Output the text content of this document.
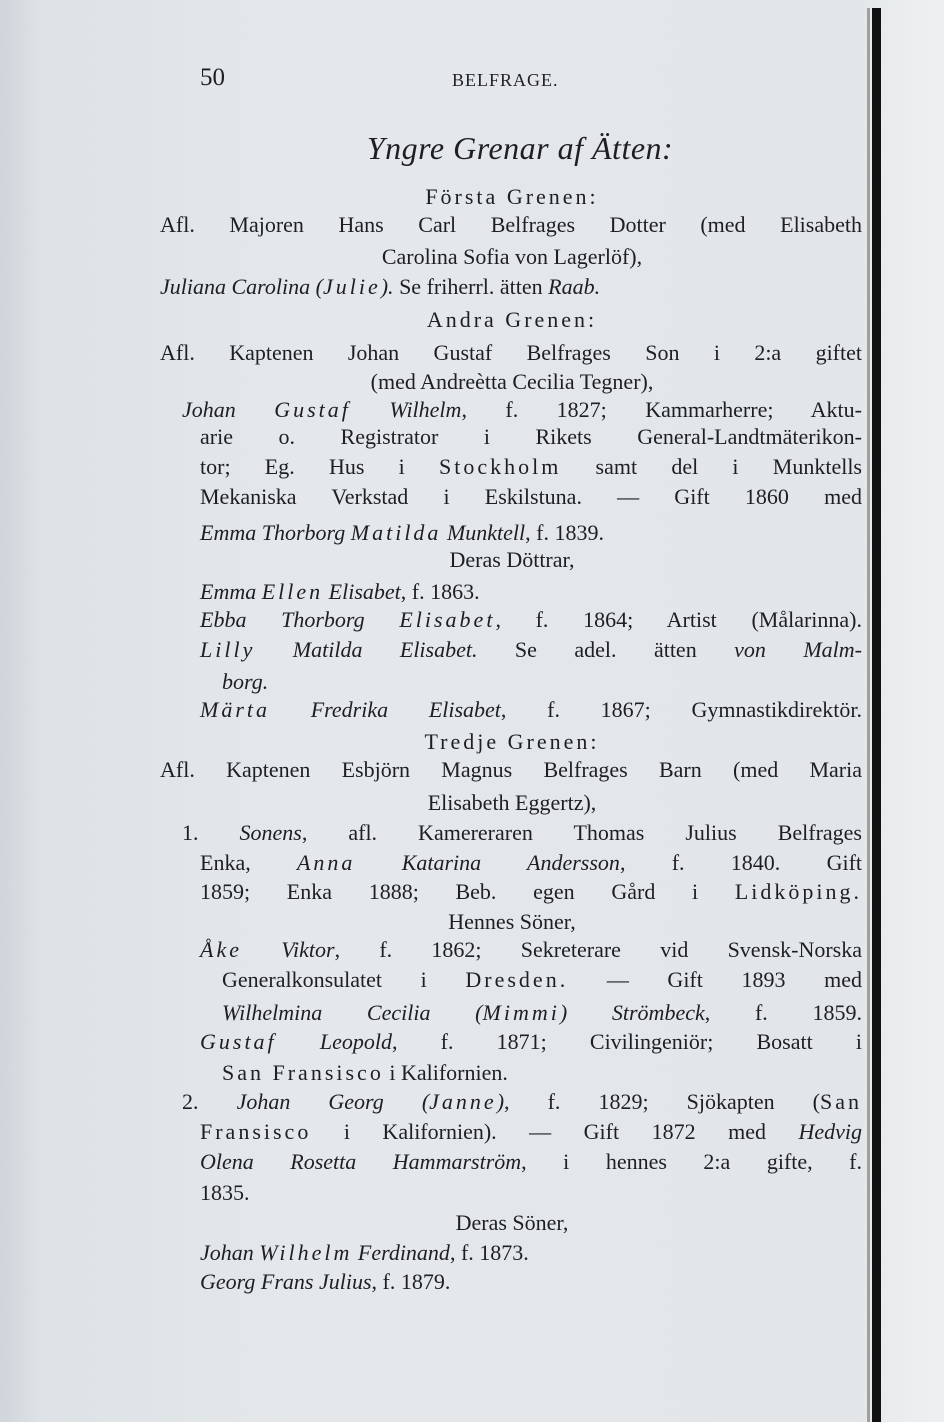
50	BELFRAGE.
Yngre Grenar af Ätten:
Första Grenen:
Afl. Majoren Hans Carl Belfrages Dotter (med Elisabeth
Carolina Sofia von Lagerlöf),
Juliana Carolina (Julie). Se friherrl. ätten Raab.
Andra Grenen:
Afl. Kaptenen Johan Gustaf Belfrages Son i 2:a giftet
(med Andreètta Cecilia Tegner),
Johan Gustaf Wilhelm, f. 1827; Kammarherre; Aktu-
arie o. Registrator i Rikets General-Landtmäterikon-
tor; Eg. Hus i Stockholm samt del i Munktells
Mekaniska Verkstad i Eskilstuna. — Gift 1860 med
Emma Thorborg Matilda Munktell, f. 1839.
Deras Döttrar,
Emma Ellen Elisabet, f. 1863.
Ebba Thorborg Elisabet, f. 1864; Artist (Målarinna).
Lilly Matilda Elisabet. Se adel. ätten von Malm-
borg.
Märta Fredrika Elisabet, f. 1867; Gymnastikdirektör.
Tredje Grenen:
Afl. Kaptenen Esbjörn Magnus Belfrages Barn (med Maria
Elisabeth Eggertz),
1. Sonens, afl. Kamereraren Thomas Julius Belfrages
Enka, Anna Katarina Andersson, f. 1840. Gift
1859; Enka 1888; Beb. egen Gård i Lidköping.
Hennes Söner,
Åke Viktor, f. 1862; Sekreterare vid Svensk-Norska
Generalkonsulatet i Dresden. — Gift 1893 med
Wilhelmina Cecilia (Mimmi) Strömbeck, f. 1859.
Gustaf Leopold, f. 1871; Civilingeniör; Bosatt i
San Fransisco i Kalifornien.
2. Johan Georg (Janne), f. 1829; Sjökapten (San
Fransisco i Kalifornien). — Gift 1872 med Hedvig
Olena Rosetta Hammarström, i hennes 2:a gifte, f.
1835.
Deras Söner,
Johan Wilhelm Ferdinand, f. 1873.
Georg Frans Julius, f. 1879.
